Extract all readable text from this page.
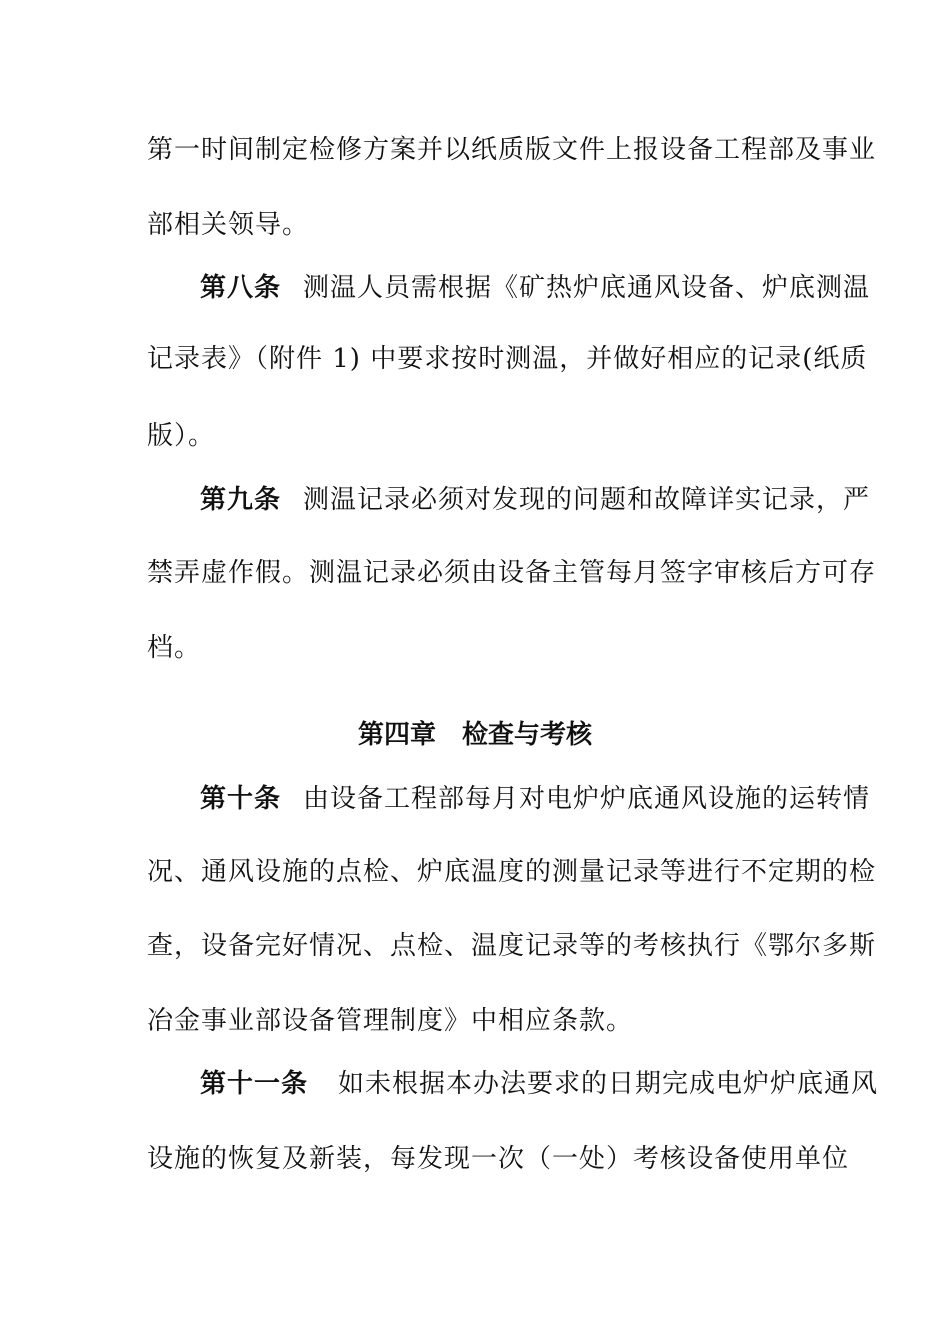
第一时间制定检修方案并以纸质版文件上报设备工程部及事业
部相关领导。
第八条 测温人员需根据《矿热炉底通风设备、炉底测温
记录表》（附件 1) 中要求按时测温，并做好相应的记录(纸质
版）。
第九条 测温记录必须对发现的问题和故障详实记录，严
禁弄虚作假。测温记录必须由设备主管每月签字审核后方可存
档。
第四章 检查与考核
第十条 由设备工程部每月对电炉炉底通风设施的运转情
况、通风设施的点检、炉底温度的测量记录等进行不定期的检
查，设备完好情况、点检、温度记录等的考核执行《鄂尔多斯
冶金事业部设备管理制度》中相应条款。
第十一条 如未根据本办法要求的日期完成电炉炉底通风
设施的恢复及新装，每发现一次（一处）考核设备使用单位
